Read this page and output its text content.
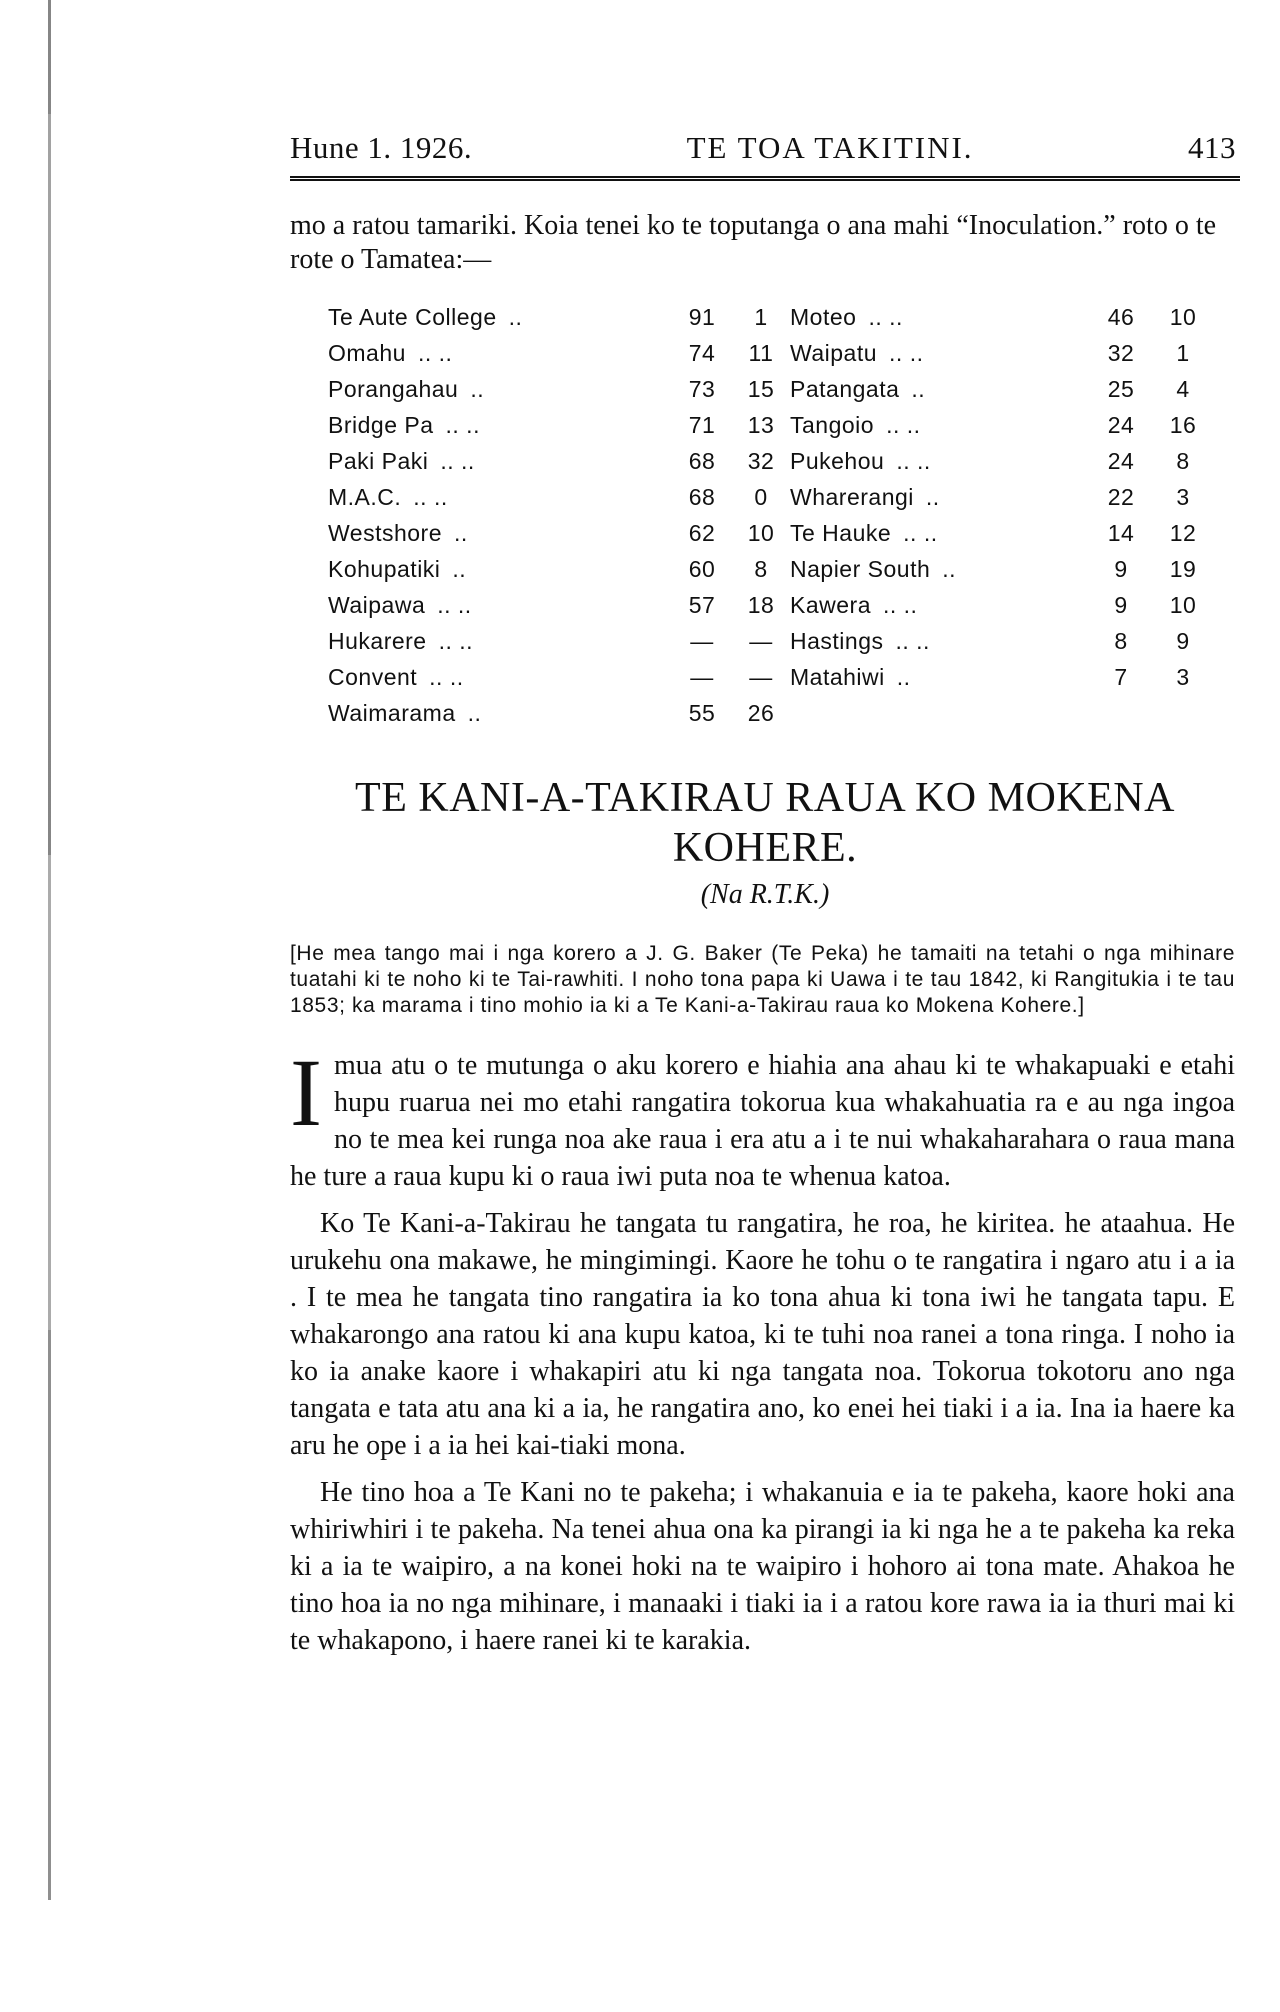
Hune 1. 1926.	TE TOA TAKITINI.	413
mo a ratou tamariki. Koia tenei ko te toputanga o ana mahi “Inoculation.” roto o te rote o Tamatea:—
Te Aute College ..	91	1
Omahu .. ..	74	11
Porangahau ..	73	15
Bridge Pa .. ..	71	13
Paki Paki .. ..	68	32
M.A.C. .. ..	68	0
Westshore ..	62	10
Kohupatiki ..	60	8
Waipawa .. ..	57	18
Hukarere .. ..	—	—
Convent .. ..	—	—
Waimarama ..	55	26
Moteo .. ..	46	10
Waipatu .. ..	32	1
Patangata ..	25	4
Tangoio .. ..	24	16
Pukehou .. ..	24	8
Wharerangi ..	22	3
Te Hauke .. ..	14	12
Napier South ..	9	19
Kawera .. ..	9	10
Hastings .. ..	8	9
Matahiwi ..	7	3
TE KANI-A-TAKIRAU RAUA KO MOKENA
KOHERE.
(Na R.T.K.)
[He mea tango mai i nga korero a J. G. Baker (Te Peka) he tamaiti na tetahi o nga mihinare tuatahi ki te noho ki te Tai-rawhiti. I noho tona papa ki Uawa i te tau 1842, ki Rangitukia i te tau 1853; ka marama i tino mohio ia ki a Te Kani-a-Takirau raua ko Mokena Kohere.]
Imua atu o te mutunga o aku korero e hiahia ana ahau ki te whakapuaki e etahi hupu ruarua nei mo etahi rangatira tokorua kua whakahuatia ra e au nga ingoa no te mea kei runga noa ake raua i era atu a i te nui whakaharahara o raua mana he ture a raua kupu ki o raua iwi puta noa te whenua katoa.
Ko Te Kani-a-Takirau he tangata tu rangatira, he roa, he kiritea. he ataahua. He urukehu ona makawe, he mingimingi. Kaore he tohu o te rangatira i ngaro atu i a ia . I te mea he tangata tino rangatira ia ko tona ahua ki tona iwi he tangata tapu. E whakarongo ana ratou ki ana kupu katoa, ki te tuhi noa ranei a tona ringa. I noho ia ko ia anake kaore i whakapiri atu ki nga tangata noa. Tokorua tokotoru ano nga tangata e tata atu ana ki a ia, he rangatira ano, ko enei hei tiaki i a ia. Ina ia haere ka aru he ope i a ia hei kai-tiaki mona.
He tino hoa a Te Kani no te pakeha; i whakanuia e ia te pakeha, kaore hoki ana whiriwhiri i te pakeha. Na tenei ahua ona ka pirangi ia ki nga he a te pakeha ka reka ki a ia te waipiro, a na konei hoki na te waipiro i hohoro ai tona mate. Ahakoa he tino hoa ia no nga mihinare, i manaaki i tiaki ia i a ratou kore rawa ia ia thuri mai ki te whakapono, i haere ranei ki te karakia.
